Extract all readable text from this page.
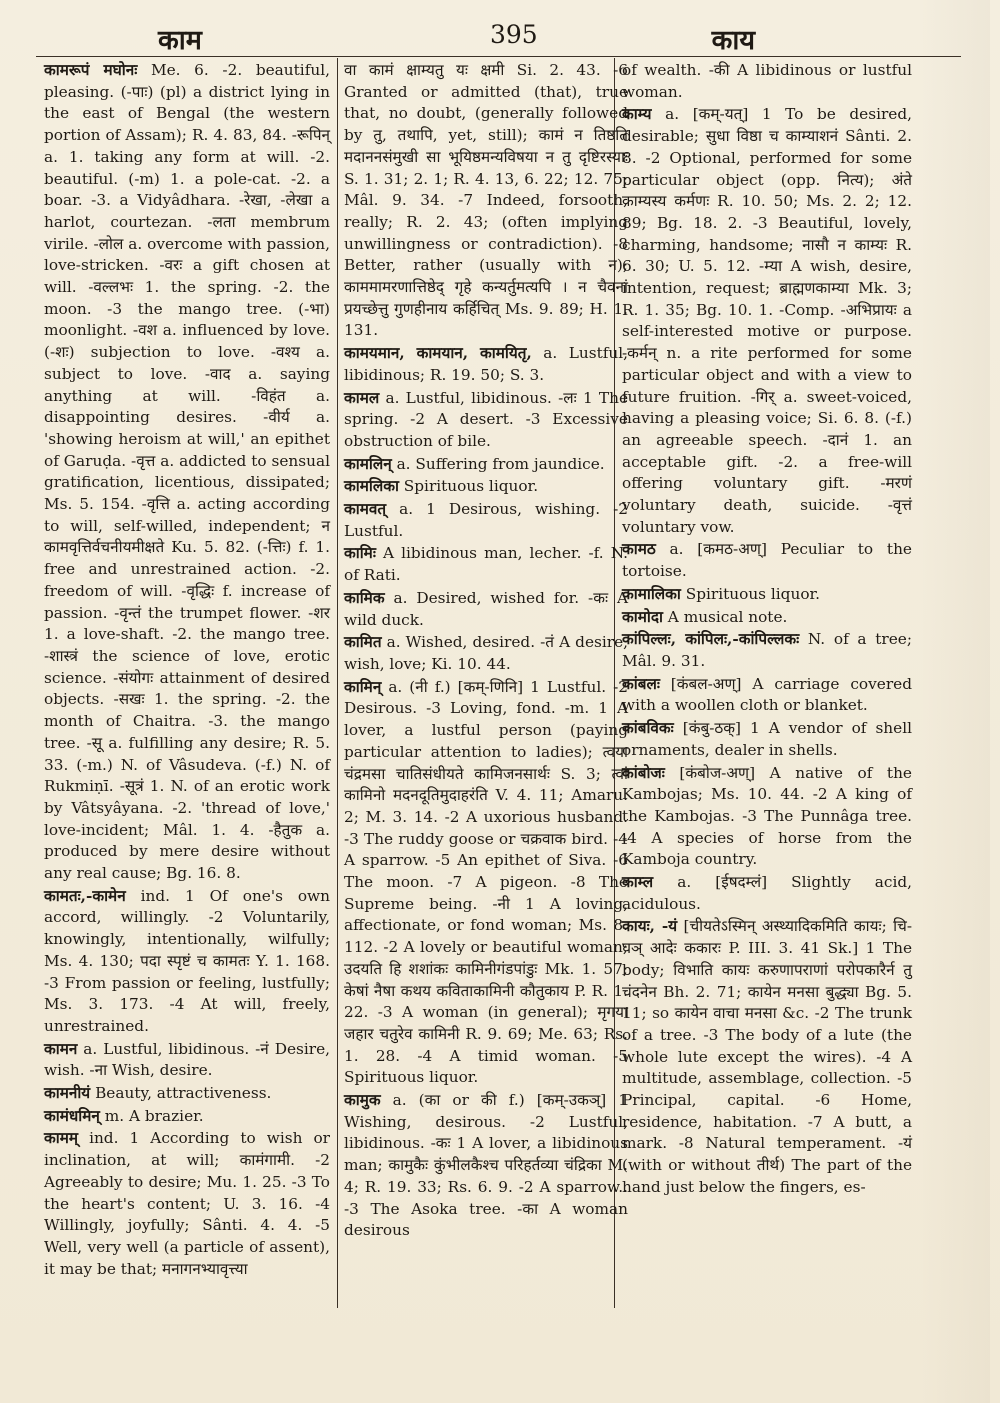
काम	395	काय
कामरूपं मघोनः Me. 6. -2. beautiful, pleasing. (-पाः) (pl) a district lying in the east of Bengal (the western portion of Assam); R. 4. 83, 84. -रूपिन् a. 1. taking any form at will. -2. beautiful. (-m) 1. a pole-cat. -2. a boar. -3. a Vidyâdhara. -रेखा, -लेखा a harlot, courtezan. -लता membrum virile. -लोल a. overcome with passion, love-stricken. -वरः a gift chosen at will. -वल्लभः 1. the spring. -2. the moon. -3 the mango tree. (-भा) moonlight. -वश a. influenced by love. (-शः) subjection to love. -वश्य a. subject to love. -वाद a. saying anything at will. -विहंत a. disappointing desires. -वीर्य a. 'showing heroism at will,' an epithet of Garuḍa. -वृत्त a. addicted to sensual gratification, licentious, dissipated; Ms. 5. 154. -वृत्ति a. acting according to will, self-willed, independent; न कामवृत्तिर्वचनीयमीक्षते Ku. 5. 82. (-त्तिः) f. 1. free and unrestrained action. -2. freedom of will. -वृद्धिः f. increase of passion. -वृन्तं the trumpet flower. -शर 1. a love-shaft. -2. the mango tree. -शास्त्रं the science of love, erotic science. -संयोगः attainment of desired objects. -सखः 1. the spring. -2. the month of Chaitra. -3. the mango tree. -सू a. fulfilling any desire; R. 5. 33. (-m.) N. of Vâsudeva. (-f.) N. of Rukmiṇī. -सूत्रं 1. N. of an erotic work by Vâtsyâyana. -2. 'thread of love,' love-incident; Mâl. 1. 4. -हैतुक a. produced by mere desire without any real cause; Bg. 16. 8.
कामतः,-कामेन ind. 1 Of one's own accord, willingly. -2 Voluntarily, knowingly, intentionally, wilfully; Ms. 4. 130; पदा स्पृष्टं च कामतः Y. 1. 168. -3 From passion or feeling, lustfully; Ms. 3. 173. -4 At will, freely, unrestrained.
कामन a. Lustful, libidinous. -नं Desire, wish. -ना Wish, desire.
कामनीयं Beauty, attractiveness.
कामंधमिन् m. A brazier.
कामम् ind. 1 According to wish or inclination, at will; कामंगामी. -2 Agreeably to desire; Mu. 1. 25. -3 To the heart's content; U. 3. 16. -4 Willingly, joyfully; Sânti. 4. 4. -5 Well, very well (a particle of assent), it may be that; मनागनभ्यावृत्त्या
वा कामं क्षाम्यतु यः क्षमी Si. 2. 43. -6 Granted or admitted (that), true that, no doubt, (generally followed by तु, तथापि, yet, still); कामं न तिष्ठति मदाननसंमुखी सा भूयिष्ठमन्यविषया न तु दृष्टिरस्याः S. 1. 31; 2. 1; R. 4. 13, 6. 22; 12. 75; Mâl. 9. 34. -7 Indeed, forsooth, really; R. 2. 43; (often implying unwillingness or contradiction). -8 Better, rather (usually with न); काममामरणात्तिष्ठेद् गृहे कन्यर्तुमत्यपि । न चैवनां प्रयच्छेत्तु गुणहीनाय कर्हिचित् Ms. 9. 89; H. 1. 131.
कामयमान, कामयान, कामयितृ, a. Lustful, libidinous; R. 19. 50; S. 3.
कामल a. Lustful, libidinous. -लः 1 The spring. -2 A desert. -3 Excessive obstruction of bile.
कामलिन् a. Suffering from jaundice.
कामलिका Spirituous liquor.
कामवत् a. 1 Desirous, wishing. -2 Lustful.
कामिः A libidinous man, lecher. -f. N. of Rati.
कामिक a. Desired, wished for. -कः A wild duck.
कामित a. Wished, desired. -तं A desire, wish, love; Ki. 10. 44.
कामिन् a. (नी f.) [कम्-णिनि] 1 Lustful. -2 Desirous. -3 Loving, fond. -m. 1 A lover, a lustful person (paying particular attention to ladies); त्वया चंद्रमसा चातिसंधीयते कामिजनसार्थः S. 3; त्वां कामिनो मदनदूतिमुदाहरंति V. 4. 11; Amaru. 2; M. 3. 14. -2 A uxorious husband. -3 The ruddy goose or चक्रवाक bird. -4 A sparrow. -5 An epithet of Siva. -6 The moon. -7 A pigeon. -8 The Supreme being. -नी 1 A loving, affectionate, or fond woman; Ms. 8. 112. -2 A lovely or beautiful woman; उदयति हि शशांकः कामिनीगंडपांडुः Mk. 1. 57; केषां नैषा कथय कविताकामिनी कौतुकाय P. R. 1. 22. -3 A woman (in general); मृगया जहार चतुरेव कामिनी R. 9. 69; Me. 63; Rs. 1. 28. -4 A timid woman. -5 Spirituous liquor.
कामुक a. (का or की f.) [कम्-उकञ्] 1 Wishing, desirous. -2 Lustful, libidinous. -कः 1 A lover, a libidinous man; कामुकैः कुंभीलकैश्च परिहर्तव्या चंद्रिका M. 4; R. 19. 33; Rs. 6. 9. -2 A sparrow.. -3 The Asoka tree. -का A woman desirous
of wealth. -की A libidinous or lustful woman.
काम्य a. [कम्-यत्] 1 To be desired, desirable; सुधा विष्ठा च काम्याशनं Sânti. 2. 8. -2 Optional, performed for some particular object (opp. नित्य); अंते काम्यस्य कर्मणः R. 10. 50; Ms. 2. 2; 12. 89; Bg. 18. 2. -3 Beautiful, lovely, charming, handsome; नासौ न काम्यः R. 6. 30; U. 5. 12. -म्या A wish, desire, intention, request; ब्राह्मणकाम्या Mk. 3; R. 1. 35; Bg. 10. 1. -Comp. -अभिप्रायः a self-interested motive or purpose. -कर्मन् n. a rite performed for some particular object and with a view to future fruition. -गिर् a. sweet-voiced, having a pleasing voice; Si. 6. 8. (-f.) an agreeable speech. -दानं 1. an acceptable gift. -2. a free-will offering voluntary gift. -मरणं voluntary death, suicide. -वृत्तं voluntary vow.
कामठ a. [कमठ-अण्] Peculiar to the tortoise.
कामालिका Spirituous liquor.
कामोदा A musical note.
कांपिल्लः, कांपिलः,-कांपिल्लकः N. of a tree; Mâl. 9. 31.
कांबलः [कंबल-अण्] A carriage covered with a woollen cloth or blanket.
कांबविकः [कंबु-ठक्] 1 A vendor of shell ornaments, dealer in shells.
कांबोजः [कंबोज-अण्] A native of the Kambojas; Ms. 10. 44. -2 A king of the Kambojas. -3 The Punnâga tree. -4 A species of horse from the Kamboja country.
काम्ल a. [ईषदम्लं] Slightly acid, acidulous.
कायः, -यं [चीयतेऽस्मिन् अस्थ्यादिकमिति कायः; चि-घञ् आदेः ककारः P. III. 3. 41 Sk.] 1 The body; विभाति कायः करुणापराणां परोपकारैर्न तु चंदनेन Bh. 2. 71; कायेन मनसा बुद्ध्या Bg. 5. 11; so कायेन वाचा मनसा &c. -2 The trunk of a tree. -3 The body of a lute (the whole lute except the wires). -4 A multitude, assemblage, collection. -5 Principal, capital. -6 Home, residence, habitation. -7 A butt, a mark. -8 Natural temperament. -यं (with or without तीर्थ) The part of the hand just below the fingers, es-
